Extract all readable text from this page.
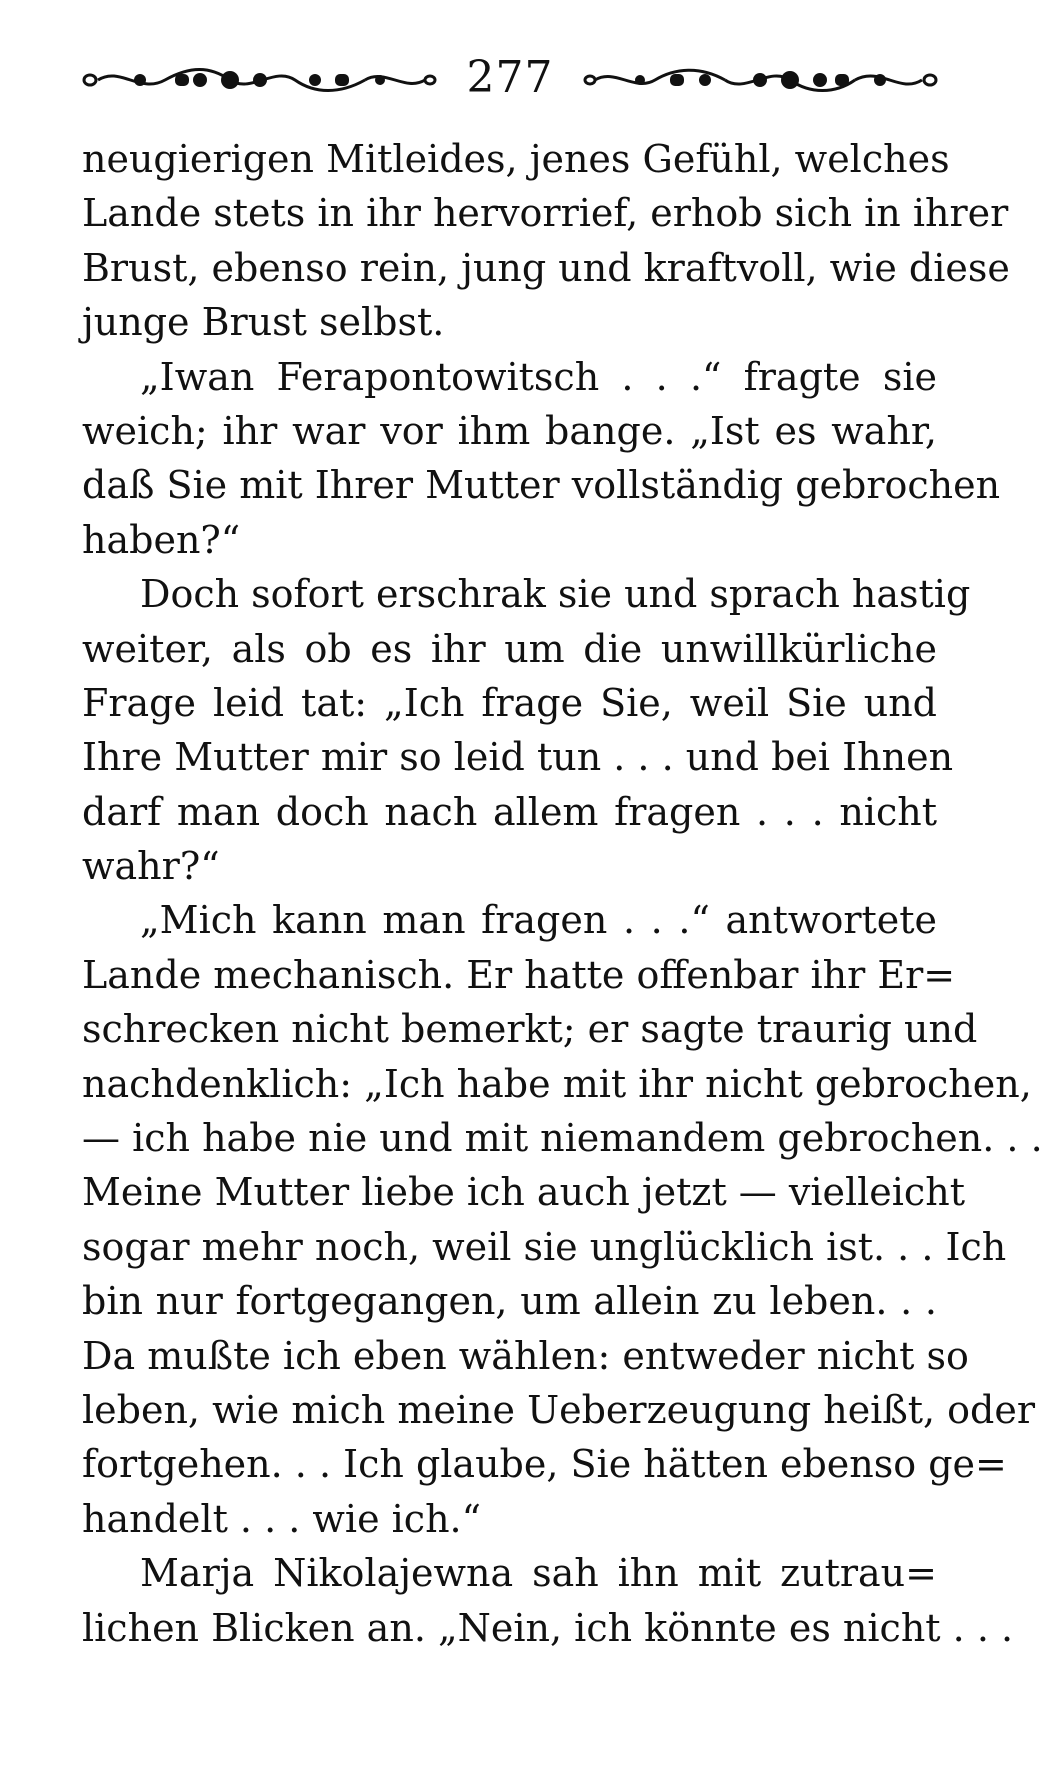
277
neugierigen Mitleides, jenes Gefühl, welches
Lande stets in ihr hervorrief, erhob sich in ihrer
Brust, ebenso rein, jung und kraftvoll, wie diese
junge Brust selbst.
„Iwan Ferapontowitsch . . .“ fragte sie
weich; ihr war vor ihm bange. „Ist es wahr,
daß Sie mit Ihrer Mutter vollständig gebrochen
haben?“
Doch sofort erschrak sie und sprach hastig
weiter, als ob es ihr um die unwillkürliche
Frage leid tat: „Ich frage Sie, weil Sie und
Ihre Mutter mir so leid tun . . . und bei Ihnen
darf man doch nach allem fragen . . . nicht
wahr?“
„Mich kann man fragen . . .“ antwortete
Lande mechanisch. Er hatte offenbar ihr Er=
schrecken nicht bemerkt; er sagte traurig und
nachdenklich: „Ich habe mit ihr nicht gebrochen,
— ich habe nie und mit niemandem gebrochen. . .
Meine Mutter liebe ich auch jetzt — vielleicht
sogar mehr noch, weil sie unglücklich ist. . . Ich
bin nur fortgegangen, um allein zu leben. . .
Da mußte ich eben wählen: entweder nicht so
leben, wie mich meine Ueberzeugung heißt, oder
fortgehen. . . Ich glaube, Sie hätten ebenso ge=
handelt . . . wie ich.“
Marja Nikolajewna sah ihn mit zutrau=
lichen Blicken an. „Nein, ich könnte es nicht . . .
